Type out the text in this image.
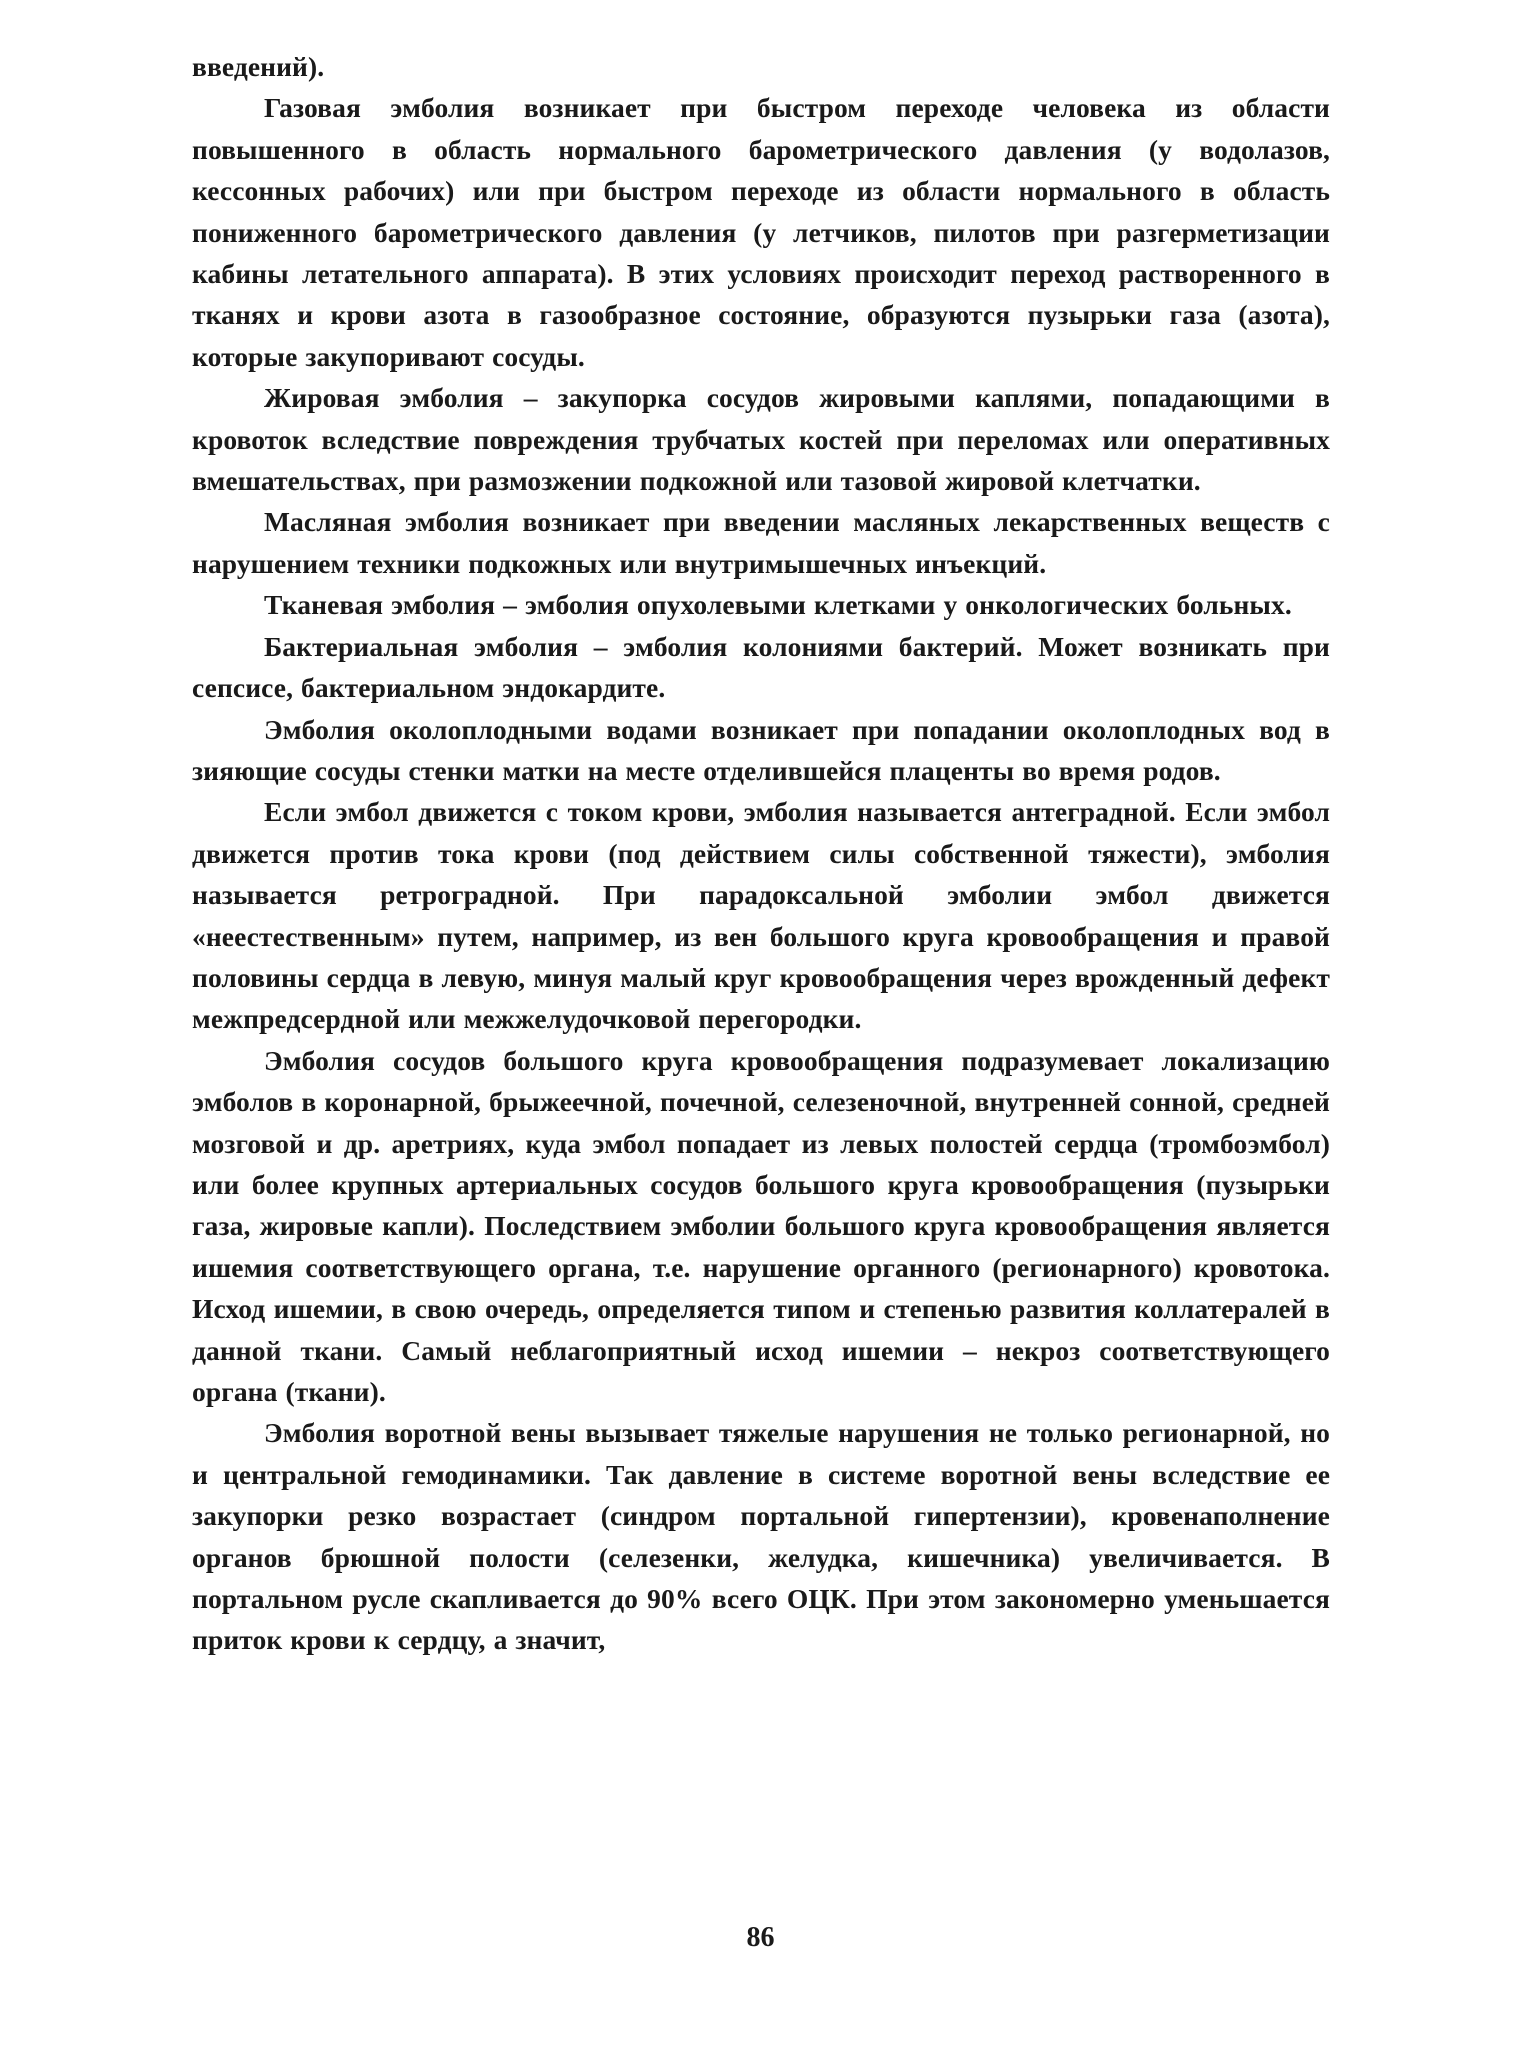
введений).

Газовая эмболия возникает при быстром переходе человека из области повышенного в область нормального барометрического давления (у водолазов, кессонных рабочих) или при быстром переходе из области нормального в область пониженного барометрического давления (у летчиков, пилотов при разгерметизации кабины летательного аппарата). В этих условиях происходит переход растворенного в тканях и крови азота в газообразное состояние, образуются пузырьки газа (азота), которые закупоривают сосуды.

Жировая эмболия – закупорка сосудов жировыми каплями, попадающими в кровоток вследствие повреждения трубчатых костей при переломах или оперативных вмешательствах, при размозжении подкожной или тазовой жировой клетчатки.

Масляная эмболия возникает при введении масляных лекарственных веществ с нарушением техники подкожных или внутримышечных инъекций.

Тканевая эмболия – эмболия опухолевыми клетками у онкологических больных.

Бактериальная эмболия – эмболия колониями бактерий. Может возникать при сепсисе, бактериальном эндокардите.

Эмболия околоплодными водами возникает при попадании околоплодных вод в зияющие сосуды стенки матки на месте отделившейся плаценты во время родов.

Если эмбол движется с током крови, эмболия называется антеградной. Если эмбол движется против тока крови (под действием силы собственной тяжести), эмболия называется ретроградной. При парадоксальной эмболии эмбол движется «неестественным» путем, например, из вен большого круга кровообращения и правой половины сердца в левую, минуя малый круг кровообращения через врожденный дефект межпредсердной или межжелудочковой перегородки.

Эмболия сосудов большого круга кровообращения подразумевает локализацию эмболов в коронарной, брыжеечной, почечной, селезеночной, внутренней сонной, средней мозговой и др. аретриях, куда эмбол попадает из левых полостей сердца (тромбоэмбол) или более крупных артериальных сосудов большого круга кровообращения (пузырьки газа, жировые капли). Последствием эмболии большого круга кровообращения является ишемия соответствующего органа, т.е. нарушение органного (регионарного) кровотока. Исход ишемии, в свою очередь, определяется типом и степенью развития коллатералей в данной ткани. Самый неблагоприятный исход ишемии – некроз соответствующего органа (ткани).

Эмболия воротной вены вызывает тяжелые нарушения не только регионарной, но и центральной гемодинамики. Так давление в системе воротной вены вследствие ее закупорки резко возрастает (синдром портальной гипертензии), кровенаполнение органов брюшной полости (селезенки, желудка, кишечника) увеличивается. В портальном русле скапливается до 90% всего ОЦК. При этом закономерно уменьшается приток крови к сердцу, а значит,

86
